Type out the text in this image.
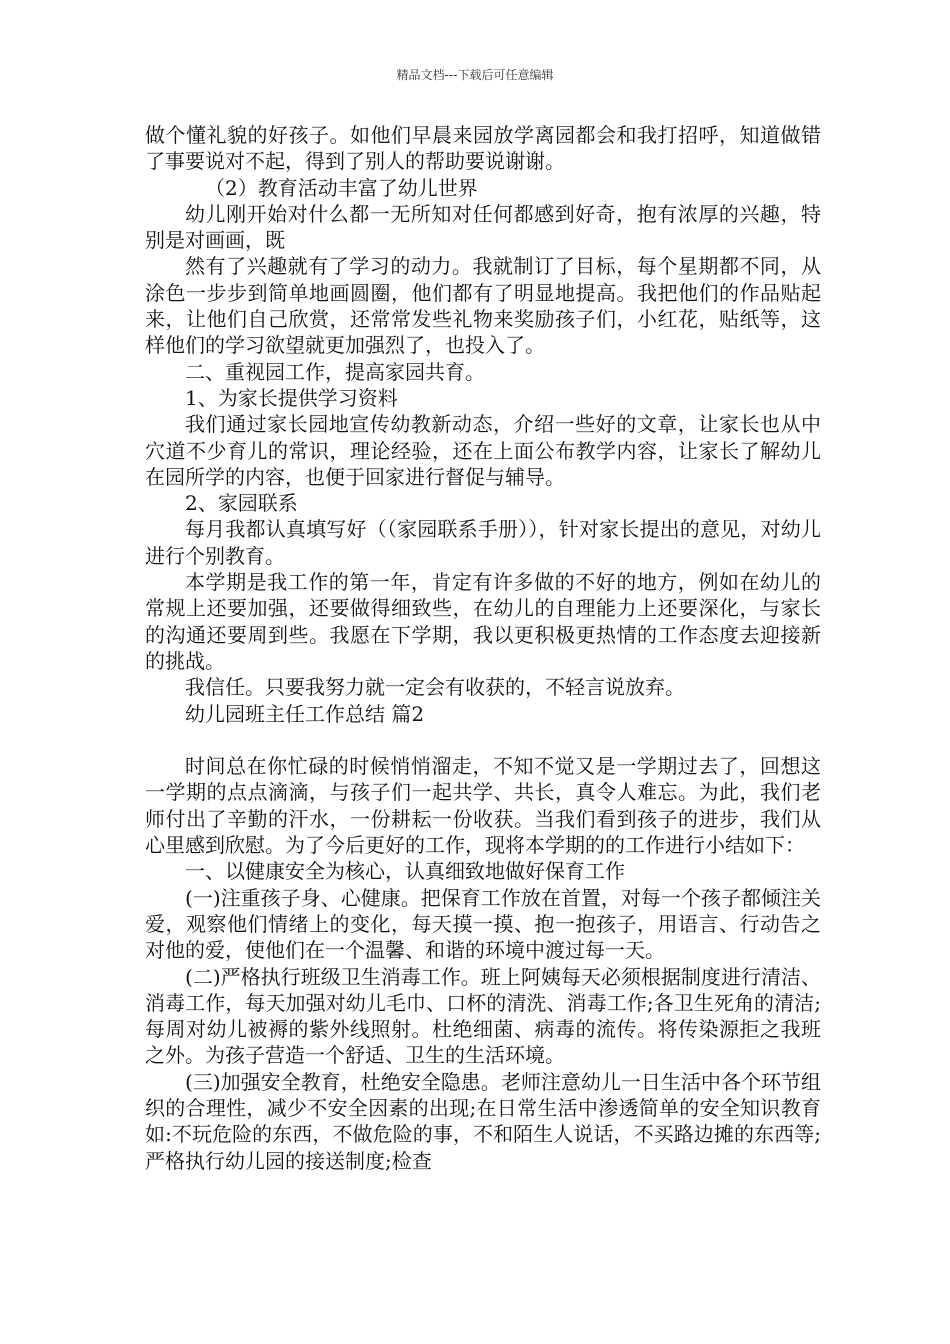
精品文档---下载后可任意编辑

做个懂礼貌的好孩子。如他们早晨来园放学离园都会和我打招呼，知道做错了事要说对不起，得到了别人的帮助要说谢谢。

（2）教育活动丰富了幼儿世界

幼儿刚开始对什么都一无所知对任何都感到好奇，抱有浓厚的兴趣，特别是对画画，既

然有了兴趣就有了学习的动力。我就制订了目标，每个星期都不同，从涂色一步步到简单地画圆圈，他们都有了明显地提高。我把他们的作品贴起来，让他们自己欣赏，还常常发些礼物来奖励孩子们，小红花，贴纸等，这样他们的学习欲望就更加强烈了，也投入了。

二、重视园工作，提高家园共育。

1、为家长提供学习资料

我们通过家长园地宣传幼教新动态，介绍一些好的文章，让家长也从中穴道不少育儿的常识，理论经验，还在上面公布教学内容，让家长了解幼儿在园所学的内容，也便于回家进行督促与辅导。

2、家园联系

每月我都认真填写好（（家园联系手册）），针对家长提出的意见，对幼儿进行个别教育。

本学期是我工作的第一年，肯定有许多做的不好的地方，例如在幼儿的常规上还要加强，还要做得细致些，在幼儿的自理能力上还要深化，与家长的沟通还要周到些。我愿在下学期，我以更积极更热情的工作态度去迎接新的挑战。

我信任。只要我努力就一定会有收获的，不轻言说放弃。

幼儿园班主任工作总结 篇2

时间总在你忙碌的时候悄悄溜走，不知不觉又是一学期过去了，回想这一学期的点点滴滴，与孩子们一起共学、共长，真令人难忘。为此，我们老师付出了辛勤的汗水，一份耕耘一份收获。当我们看到孩子的进步，我们从心里感到欣慰。为了今后更好的工作，现将本学期的的工作进行小结如下：

一、以健康安全为核心，认真细致地做好保育工作

(一)注重孩子身、心健康。把保育工作放在首置，对每一个孩子都倾注关爱，观察他们情绪上的变化，每天摸一摸、抱一抱孩子，用语言、行动告之对他的爱，使他们在一个温馨、和谐的环境中渡过每一天。

(二)严格执行班级卫生消毒工作。班上阿姨每天必须根据制度进行清洁、消毒工作，每天加强对幼儿毛巾、口杯的清洗、消毒工作;各卫生死角的清洁;每周对幼儿被褥的紫外线照射。杜绝细菌、病毒的流传。将传染源拒之我班之外。为孩子营造一个舒适、卫生的生活环境。

(三)加强安全教育，杜绝安全隐患。老师注意幼儿一日生活中各个环节组织的合理性，减少不安全因素的出现;在日常生活中渗透简单的安全知识教育如:不玩危险的东西，不做危险的事，不和陌生人说话，不买路边摊的东西等;严格执行幼儿园的接送制度;检查
